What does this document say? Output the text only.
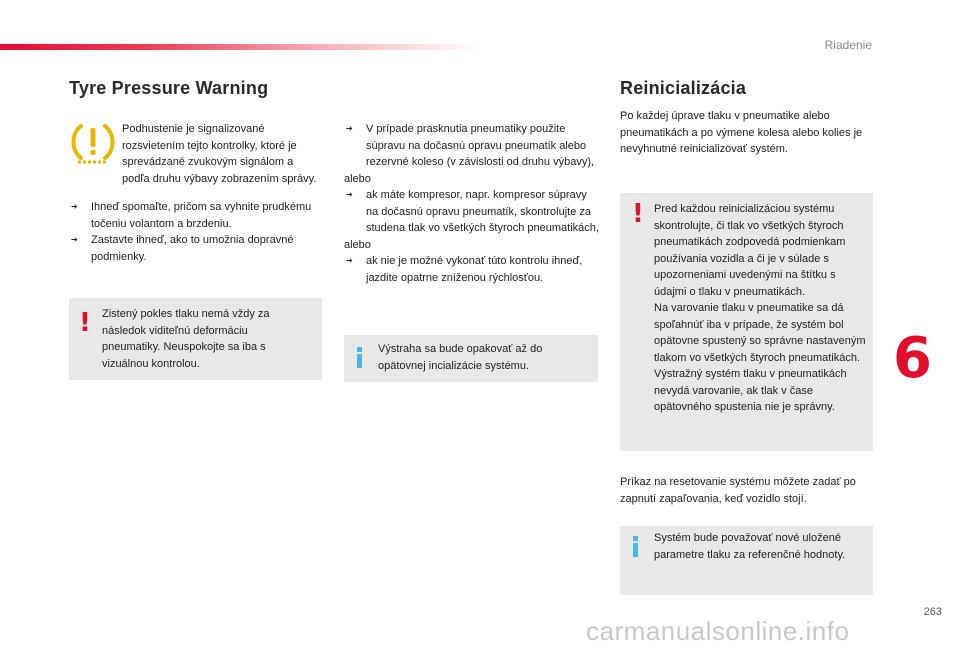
Riadenie
Tyre Pressure Warning
Podhustenie je signalizované rozsvietením tejto kontrolky, ktoré je sprevádzané zvukovým signálom a podľa druhu výbavy zobrazením správy.

➔ Ihneď spomaľte, pričom sa vyhnite prudkému točeniu volantom a brzdeniu.

➔ Zastavte ihneď, ako to umožnia dopravné podmienky.

! Zistený pokles tlaku nemá vždy za následok viditeľnú deformáciu pneumatiky. Neuspokojte sa iba s vizuálnou kontrolou.

➔ V prípade prasknutia pneumatiky použite súpravu na dočasnú opravu pneumatík alebo rezervné koleso (v závislosti od druhu výbavy),

alebo

➔ ak máte kompresor, napr. kompresor súpravy na dočasnú opravu pneumatík, skontrolujte za studena tlak vo všetkých štyroch pneumatikách,

alebo

➔ ak nie je možné vykonať túto kontrolu ihneď, jazdite opatrne zníženou rýchlosťou.

Výstraha sa bude opakovať až do opätovnej incializácie systému.
Reinicializácia
Po každej úprave tlaku v pneumatike alebo pneumatikách a po výmene kolesa alebo kolies je nevyhnutné reinicializovať systém.
! Pred každou reinicializáciou systému skontrolujte, či tlak vo všetkých štyroch pneumatikách zodpovedá podmienkam používania vozidla a či je v súlade s upozorneniami uvedenými na štítku s údajmi o tlaku v pneumatikách.

Na varovanie tlaku v pneumatike sa dá spoľahnúť iba v prípade, že systém bol opätovne spustený so správne nastaveným tlakom vo všetkých štyroch pneumatikách.

Výstražný systém tlaku v pneumatikách nevydá varovanie, ak tlak v čase opätovného spustenia nie je správny.

Príkaz na resetovanie systému môžete zadať po zapnutí zapaľovania, keď vozidlo stojí.
Systém bude považovať nové uložené parametre tlaku za referenčné hodnoty.
6
263
carmanualsonline.info
